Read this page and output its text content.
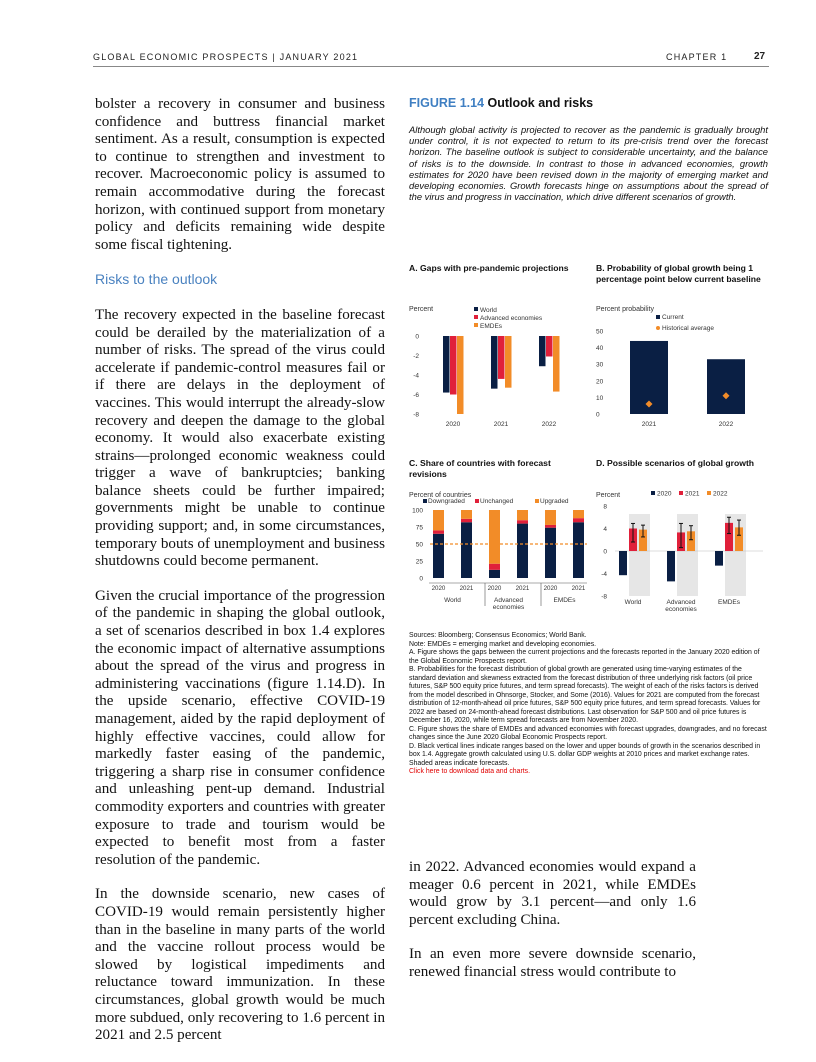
GLOBAL ECONOMIC PROSPECTS | JANUARY 2021	CHAPTER 1	27

bolster a recovery in consumer and business confidence and buttress financial market sentiment. As a result, consumption is expected to continue to strengthen and investment to recover. Macroeconomic policy is assumed to remain accommodative during the forecast horizon, with continued support from monetary policy and deficits remaining wide despite some fiscal tightening.

Risks to the outlook

The recovery expected in the baseline forecast could be derailed by the materialization of a number of risks. The spread of the virus could accelerate if pandemic-control measures fail or if there are delays in the deployment of vaccines. This would interrupt the already-slow recovery and deepen the damage to the global economy. It would also exacerbate existing strains—prolonged economic weakness could trigger a wave of bankruptcies; banking balance sheets could be further impaired; governments might be unable to continue providing support; and, in some circumstances, temporary bouts of unemployment and business shutdowns could become permanent.

Given the crucial importance of the progression of the pandemic in shaping the global outlook, a set of scenarios described in box 1.4 explores the economic impact of alternative assumptions about the spread of the virus and progress in administering vaccinations (figure 1.14.D). In the upside scenario, effective COVID-19 management, aided by the rapid deployment of highly effective vaccines, could allow for markedly faster easing of the pandemic, triggering a sharp rise in consumer confidence and unleashing pent-up demand. Industrial commodity exporters and countries with greater exposure to trade and tourism would be expected to benefit most from a faster resolution of the pandemic.

In the downside scenario, new cases of COVID-19 would remain persistently higher than in the baseline in many parts of the world and the vaccine rollout process would be slowed by logistical impediments and reluctance toward immunization. In these circumstances, global growth would be much more subdued, only recovering to 1.6 percent in 2021 and 2.5 percent

FIGURE 1.14 Outlook and risks
Although global activity is projected to recover as the pandemic is gradually brought under control, it is not expected to return to its pre-crisis trend over the forecast horizon. The baseline outlook is subject to considerable uncertainty, and the balance of risks is to the downside. In contrast to those in advanced economies, growth estimates for 2020 have been revised down in the majority of emerging market and developing economies. Growth forecasts hinge on assumptions about the spread of the virus and progress in vaccination, which drive different scenarios of growth.
A. Gaps with pre-pandemic projections	B. Probability of global growth being 1 percentage point below current baseline
C. Share of countries with forecast revisions
D. Possible scenarios of global growth
Percent
0
-2
-4
-6
-8
World
Advanced economies
EMDEs
2020	2021	2022
Percent probability
0
10
20
30
40
50
Current
Historical average
2021	2022
Percent of countries
0
25
50
75
100
Downgraded Unchanged	Upgraded
2020 2021 2020 2021 2020 2021
World	Advanced
economies
EMDEs
Percent
8
4
0
-4
-8
2020 2021 2022
World	Advanced
economies
EMDEs
Sources: Bloomberg; Consensus Economics; World Bank.
Note: EMDEs = emerging market and developing economies.
A. Figure shows the gaps between the current projections and the forecasts reported in the January 2020 edition of the Global Economic Prospects report.
B. Probabilities for the forecast distribution of global growth are generated using time-varying estimates of the standard deviation and skewness extracted from the forecast distribution of three underlying risk factors (oil price futures, S&P 500 equity price futures, and term spread forecasts). The weight of each of the risks factors is derived from the model described in Ohnsorge, Stocker, and Some (2016). Values for 2021 are computed from the forecast distribution of 12-month-ahead oil price futures, S&P 500 equity price futures, and term spread forecasts. Values for 2022 are based on 24-month-ahead forecast distributions. Last observation for S&P 500 and oil price futures is December 16, 2020, while term spread forecasts are from November 2020.
C. Figure shows the share of EMDEs and advanced economies with forecast upgrades, downgrades, and no forecast changes since the June 2020 Global Economic Prospects report.
D. Black vertical lines indicate ranges based on the lower and upper bounds of growth in the scenarios described in box 1.4. Aggregate growth calculated using U.S. dollar GDP weights at 2010 prices and market exchange rates. Shaded areas indicate forecasts.
Click here to download data and charts.

in 2022. Advanced economies would expand a meager 0.6 percent in 2021, while EMDEs would grow by 3.1 percent—and only 1.6 percent excluding China.

In an even more severe downside scenario, renewed financial stress would contribute to
